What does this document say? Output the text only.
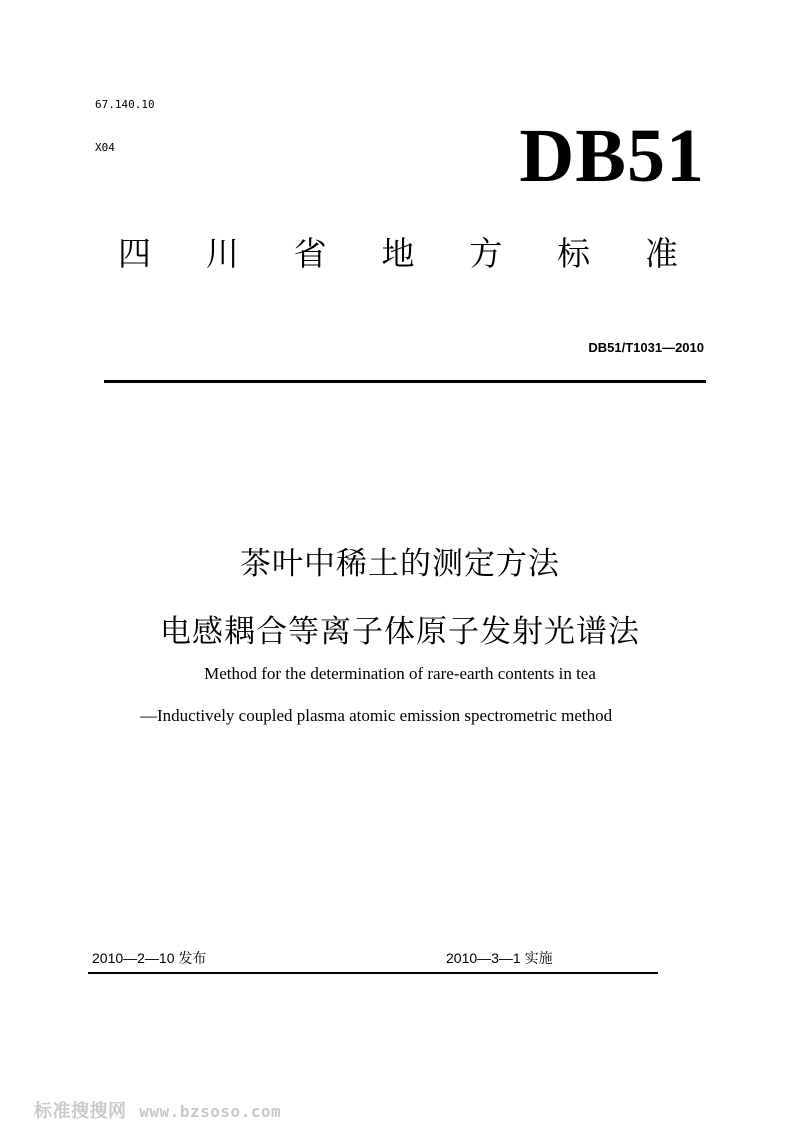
67.140.10
X04	DB51
四 川 省 地 方 标 准
DB51/T1031—2010
茶叶中稀土的测定方法
电感耦合等离子体原子发射光谱法
Method for the determination of rare-earth contents in tea
—Inductively coupled plasma atomic emission spectrometric method
2010—2—10 发布	2010—3—1 实施
标准搜搜网 www.bzsoso.com
